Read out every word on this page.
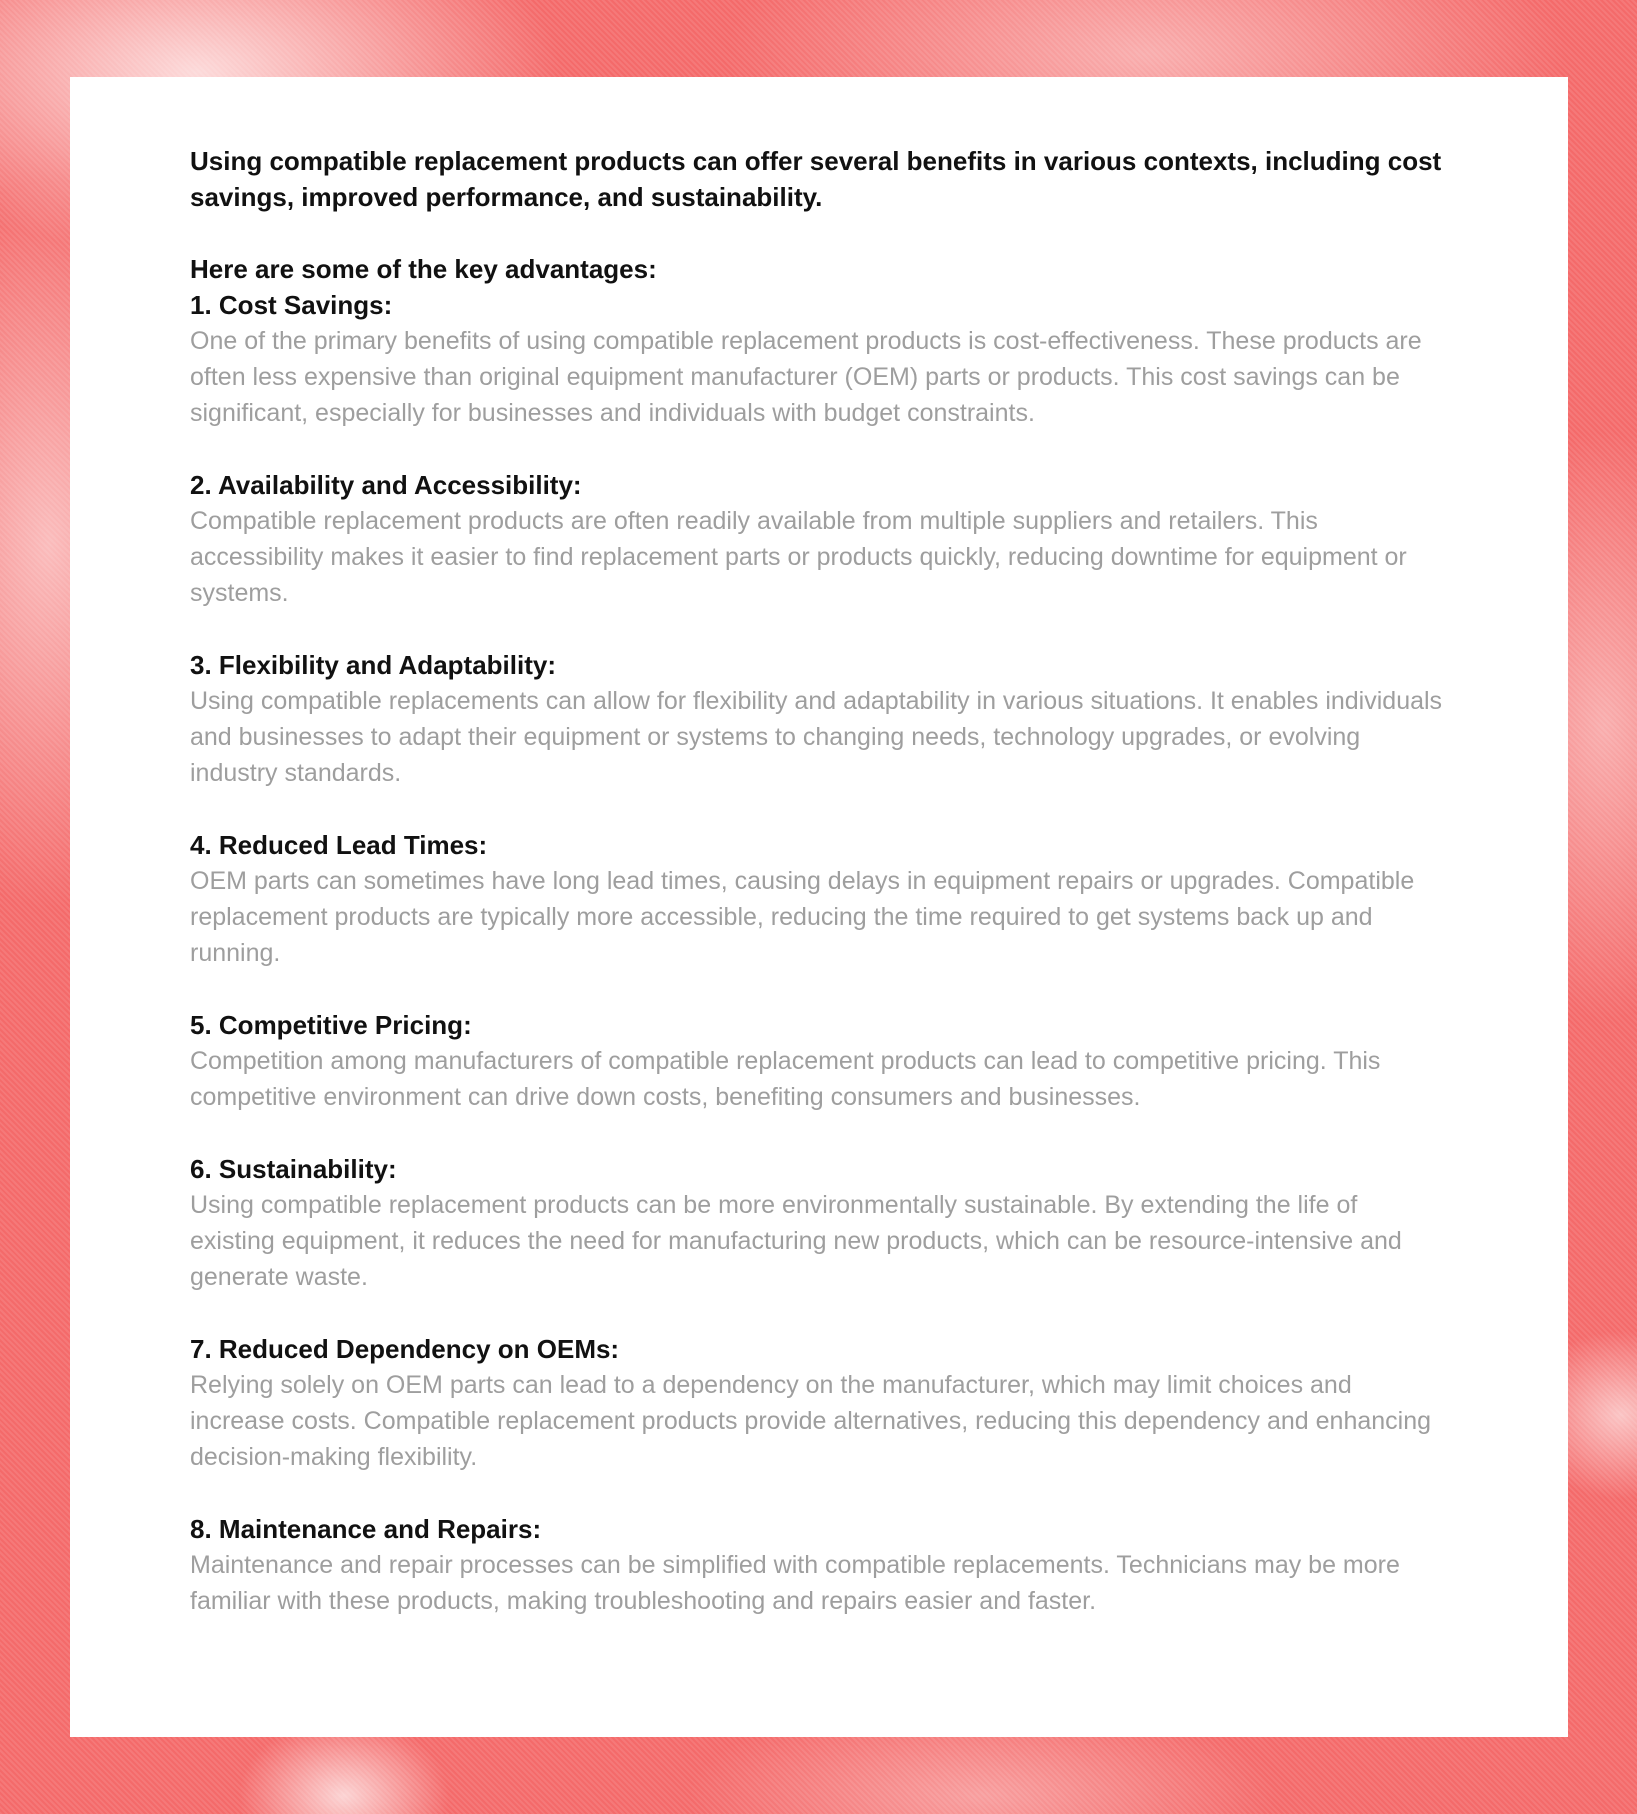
Using compatible replacement products can offer several benefits in various contexts, including cost savings, improved performance, and sustainability.

Here are some of the key advantages:

1. Cost Savings:

One of the primary benefits of using compatible replacement products is cost-effectiveness. These products are often less expensive than original equipment manufacturer (OEM) parts or products. This cost savings can be significant, especially for businesses and individuals with budget constraints.

2. Availability and Accessibility:

Compatible replacement products are often readily available from multiple suppliers and retailers. This accessibility makes it easier to find replacement parts or products quickly, reducing downtime for equipment or systems.

3. Flexibility and Adaptability:

Using compatible replacements can allow for flexibility and adaptability in various situations. It enables individuals and businesses to adapt their equipment or systems to changing needs, technology upgrades, or evolving industry standards.

4. Reduced Lead Times:

OEM parts can sometimes have long lead times, causing delays in equipment repairs or upgrades. Compatible replacement products are typically more accessible, reducing the time required to get systems back up and running.

5. Competitive Pricing:

Competition among manufacturers of compatible replacement products can lead to competitive pricing. This competitive environment can drive down costs, benefiting consumers and businesses.

6. Sustainability:

Using compatible replacement products can be more environmentally sustainable. By extending the life of existing equipment, it reduces the need for manufacturing new products, which can be resource-intensive and generate waste.

7. Reduced Dependency on OEMs:

Relying solely on OEM parts can lead to a dependency on the manufacturer, which may limit choices and increase costs. Compatible replacement products provide alternatives, reducing this dependency and enhancing decision-making flexibility.

8. Maintenance and Repairs:

Maintenance and repair processes can be simplified with compatible replacements. Technicians may be more familiar with these products, making troubleshooting and repairs easier and faster.
